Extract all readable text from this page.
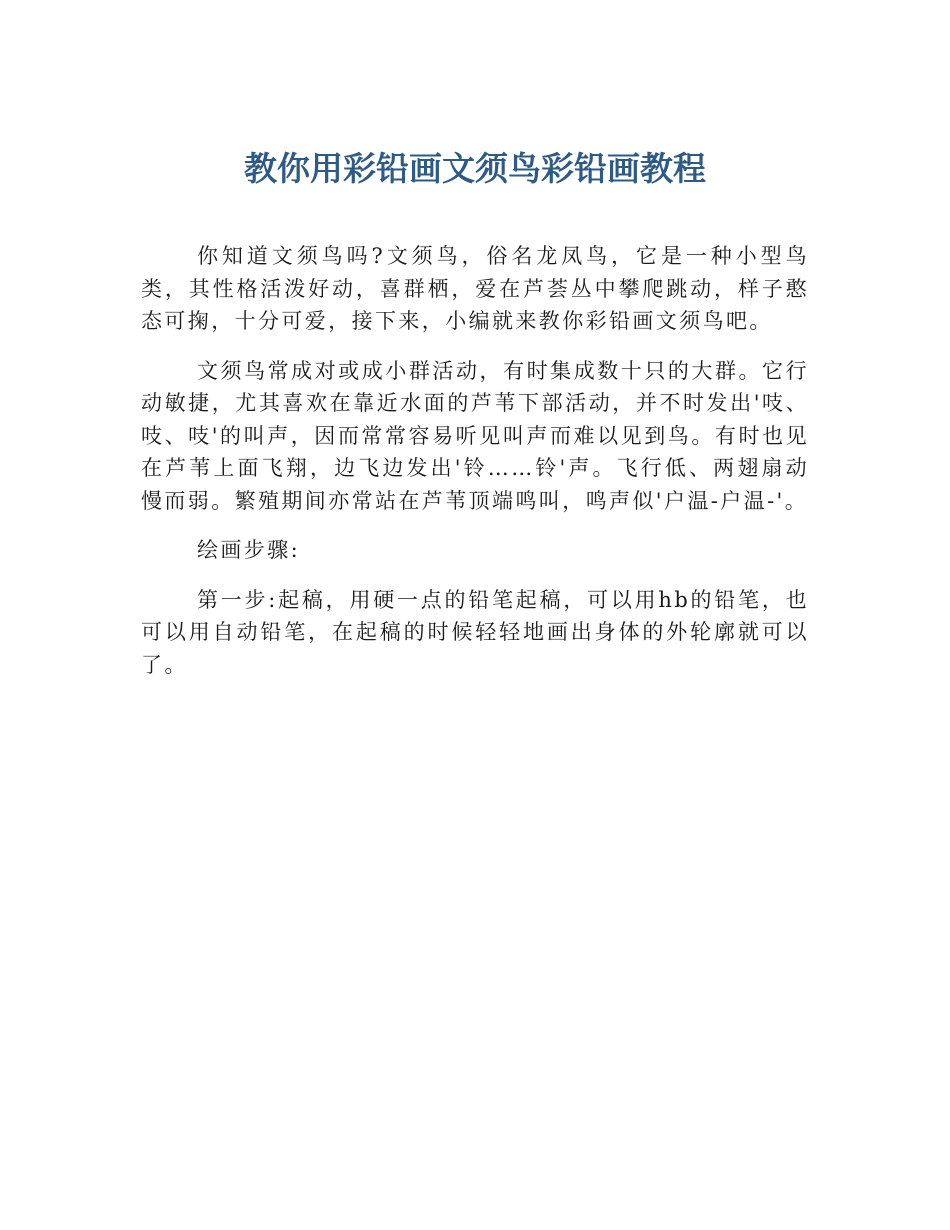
教你用彩铅画文须鸟彩铅画教程

你知道文须鸟吗?文须鸟，俗名龙凤鸟，它是一种小型鸟类，其性格活泼好动，喜群栖，爱在芦荟丛中攀爬跳动，样子憨态可掬，十分可爱，接下来，小编就来教你彩铅画文须鸟吧。

文须鸟常成对或成小群活动，有时集成数十只的大群。它行动敏捷，尤其喜欢在靠近水面的芦苇下部活动，并不时发出'吱、吱、吱'的叫声，因而常常容易听见叫声而难以见到鸟。有时也见在芦苇上面飞翔，边飞边发出'铃……铃'声。飞行低、两翅扇动慢而弱。繁殖期间亦常站在芦苇顶端鸣叫，鸣声似'户温-户温-'。

绘画步骤:

第一步:起稿，用硬一点的铅笔起稿，可以用hb的铅笔，也可以用自动铅笔，在起稿的时候轻轻地画出身体的外轮廓就可以了。
